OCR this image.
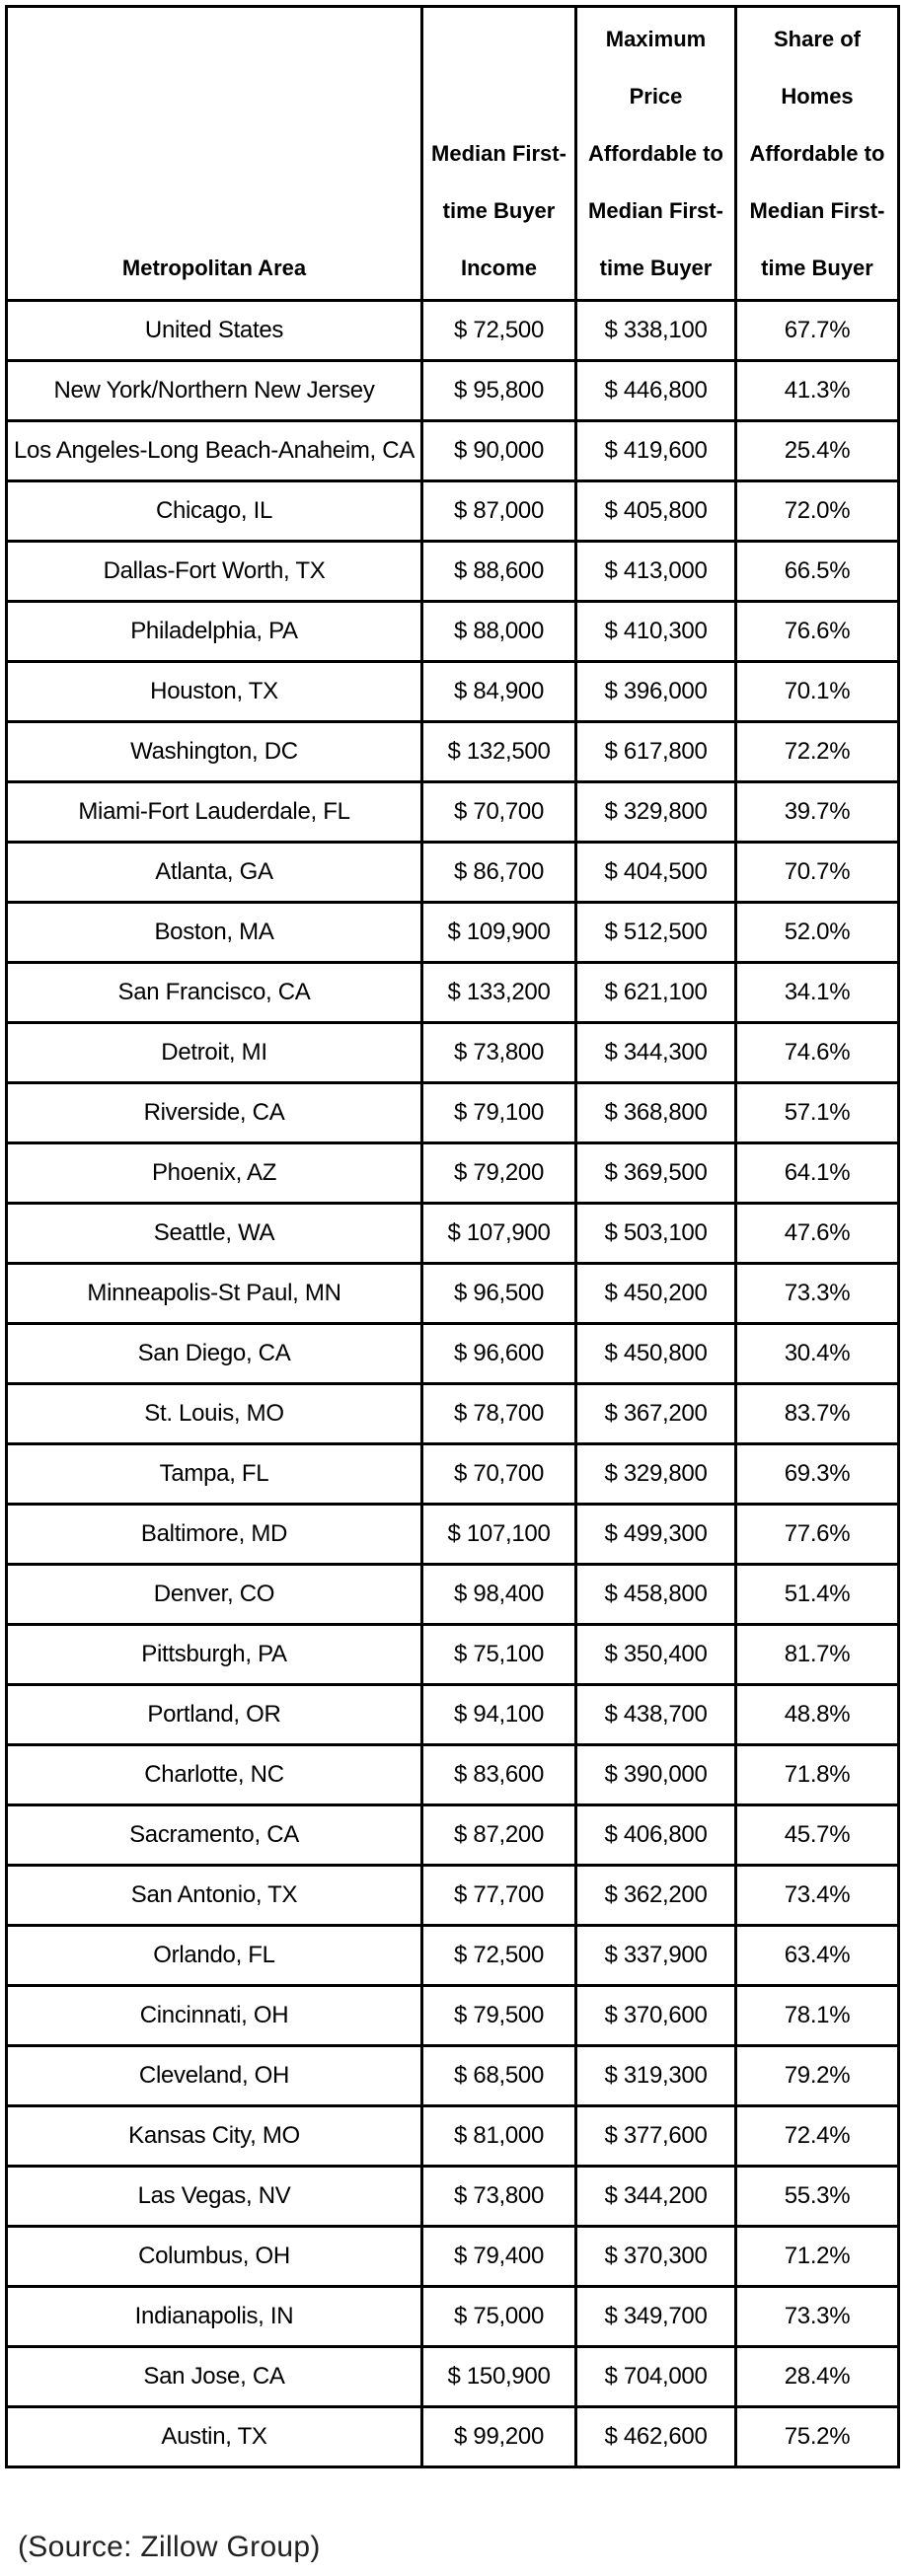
Metropolitan Area	Median First-time Buyer Income	Maximum Price Affordable to Median First-time Buyer	Share of Homes Affordable to Median First-time Buyer
United States	$ 72,500	$ 338,100	67.7%
New York/Northern New Jersey	$ 95,800	$ 446,800	41.3%
Los Angeles-Long Beach-Anaheim, CA	$ 90,000	$ 419,600	25.4%
Chicago, IL	$ 87,000	$ 405,800	72.0%
Dallas-Fort Worth, TX	$ 88,600	$ 413,000	66.5%
Philadelphia, PA	$ 88,000	$ 410,300	76.6%
Houston, TX	$ 84,900	$ 396,000	70.1%
Washington, DC	$ 132,500	$ 617,800	72.2%
Miami-Fort Lauderdale, FL	$ 70,700	$ 329,800	39.7%
Atlanta, GA	$ 86,700	$ 404,500	70.7%
Boston, MA	$ 109,900	$ 512,500	52.0%
San Francisco, CA	$ 133,200	$ 621,100	34.1%
Detroit, MI	$ 73,800	$ 344,300	74.6%
Riverside, CA	$ 79,100	$ 368,800	57.1%
Phoenix, AZ	$ 79,200	$ 369,500	64.1%
Seattle, WA	$ 107,900	$ 503,100	47.6%
Minneapolis-St Paul, MN	$ 96,500	$ 450,200	73.3%
San Diego, CA	$ 96,600	$ 450,800	30.4%
St. Louis, MO	$ 78,700	$ 367,200	83.7%
Tampa, FL	$ 70,700	$ 329,800	69.3%
Baltimore, MD	$ 107,100	$ 499,300	77.6%
Denver, CO	$ 98,400	$ 458,800	51.4%
Pittsburgh, PA	$ 75,100	$ 350,400	81.7%
Portland, OR	$ 94,100	$ 438,700	48.8%
Charlotte, NC	$ 83,600	$ 390,000	71.8%
Sacramento, CA	$ 87,200	$ 406,800	45.7%
San Antonio, TX	$ 77,700	$ 362,200	73.4%
Orlando, FL	$ 72,500	$ 337,900	63.4%
Cincinnati, OH	$ 79,500	$ 370,600	78.1%
Cleveland, OH	$ 68,500	$ 319,300	79.2%
Kansas City, MO	$ 81,000	$ 377,600	72.4%
Las Vegas, NV	$ 73,800	$ 344,200	55.3%
Columbus, OH	$ 79,400	$ 370,300	71.2%
Indianapolis, IN	$ 75,000	$ 349,700	73.3%
San Jose, CA	$ 150,900	$ 704,000	28.4%
Austin, TX	$ 99,200	$ 462,600	75.2%
(Source: Zillow Group)
